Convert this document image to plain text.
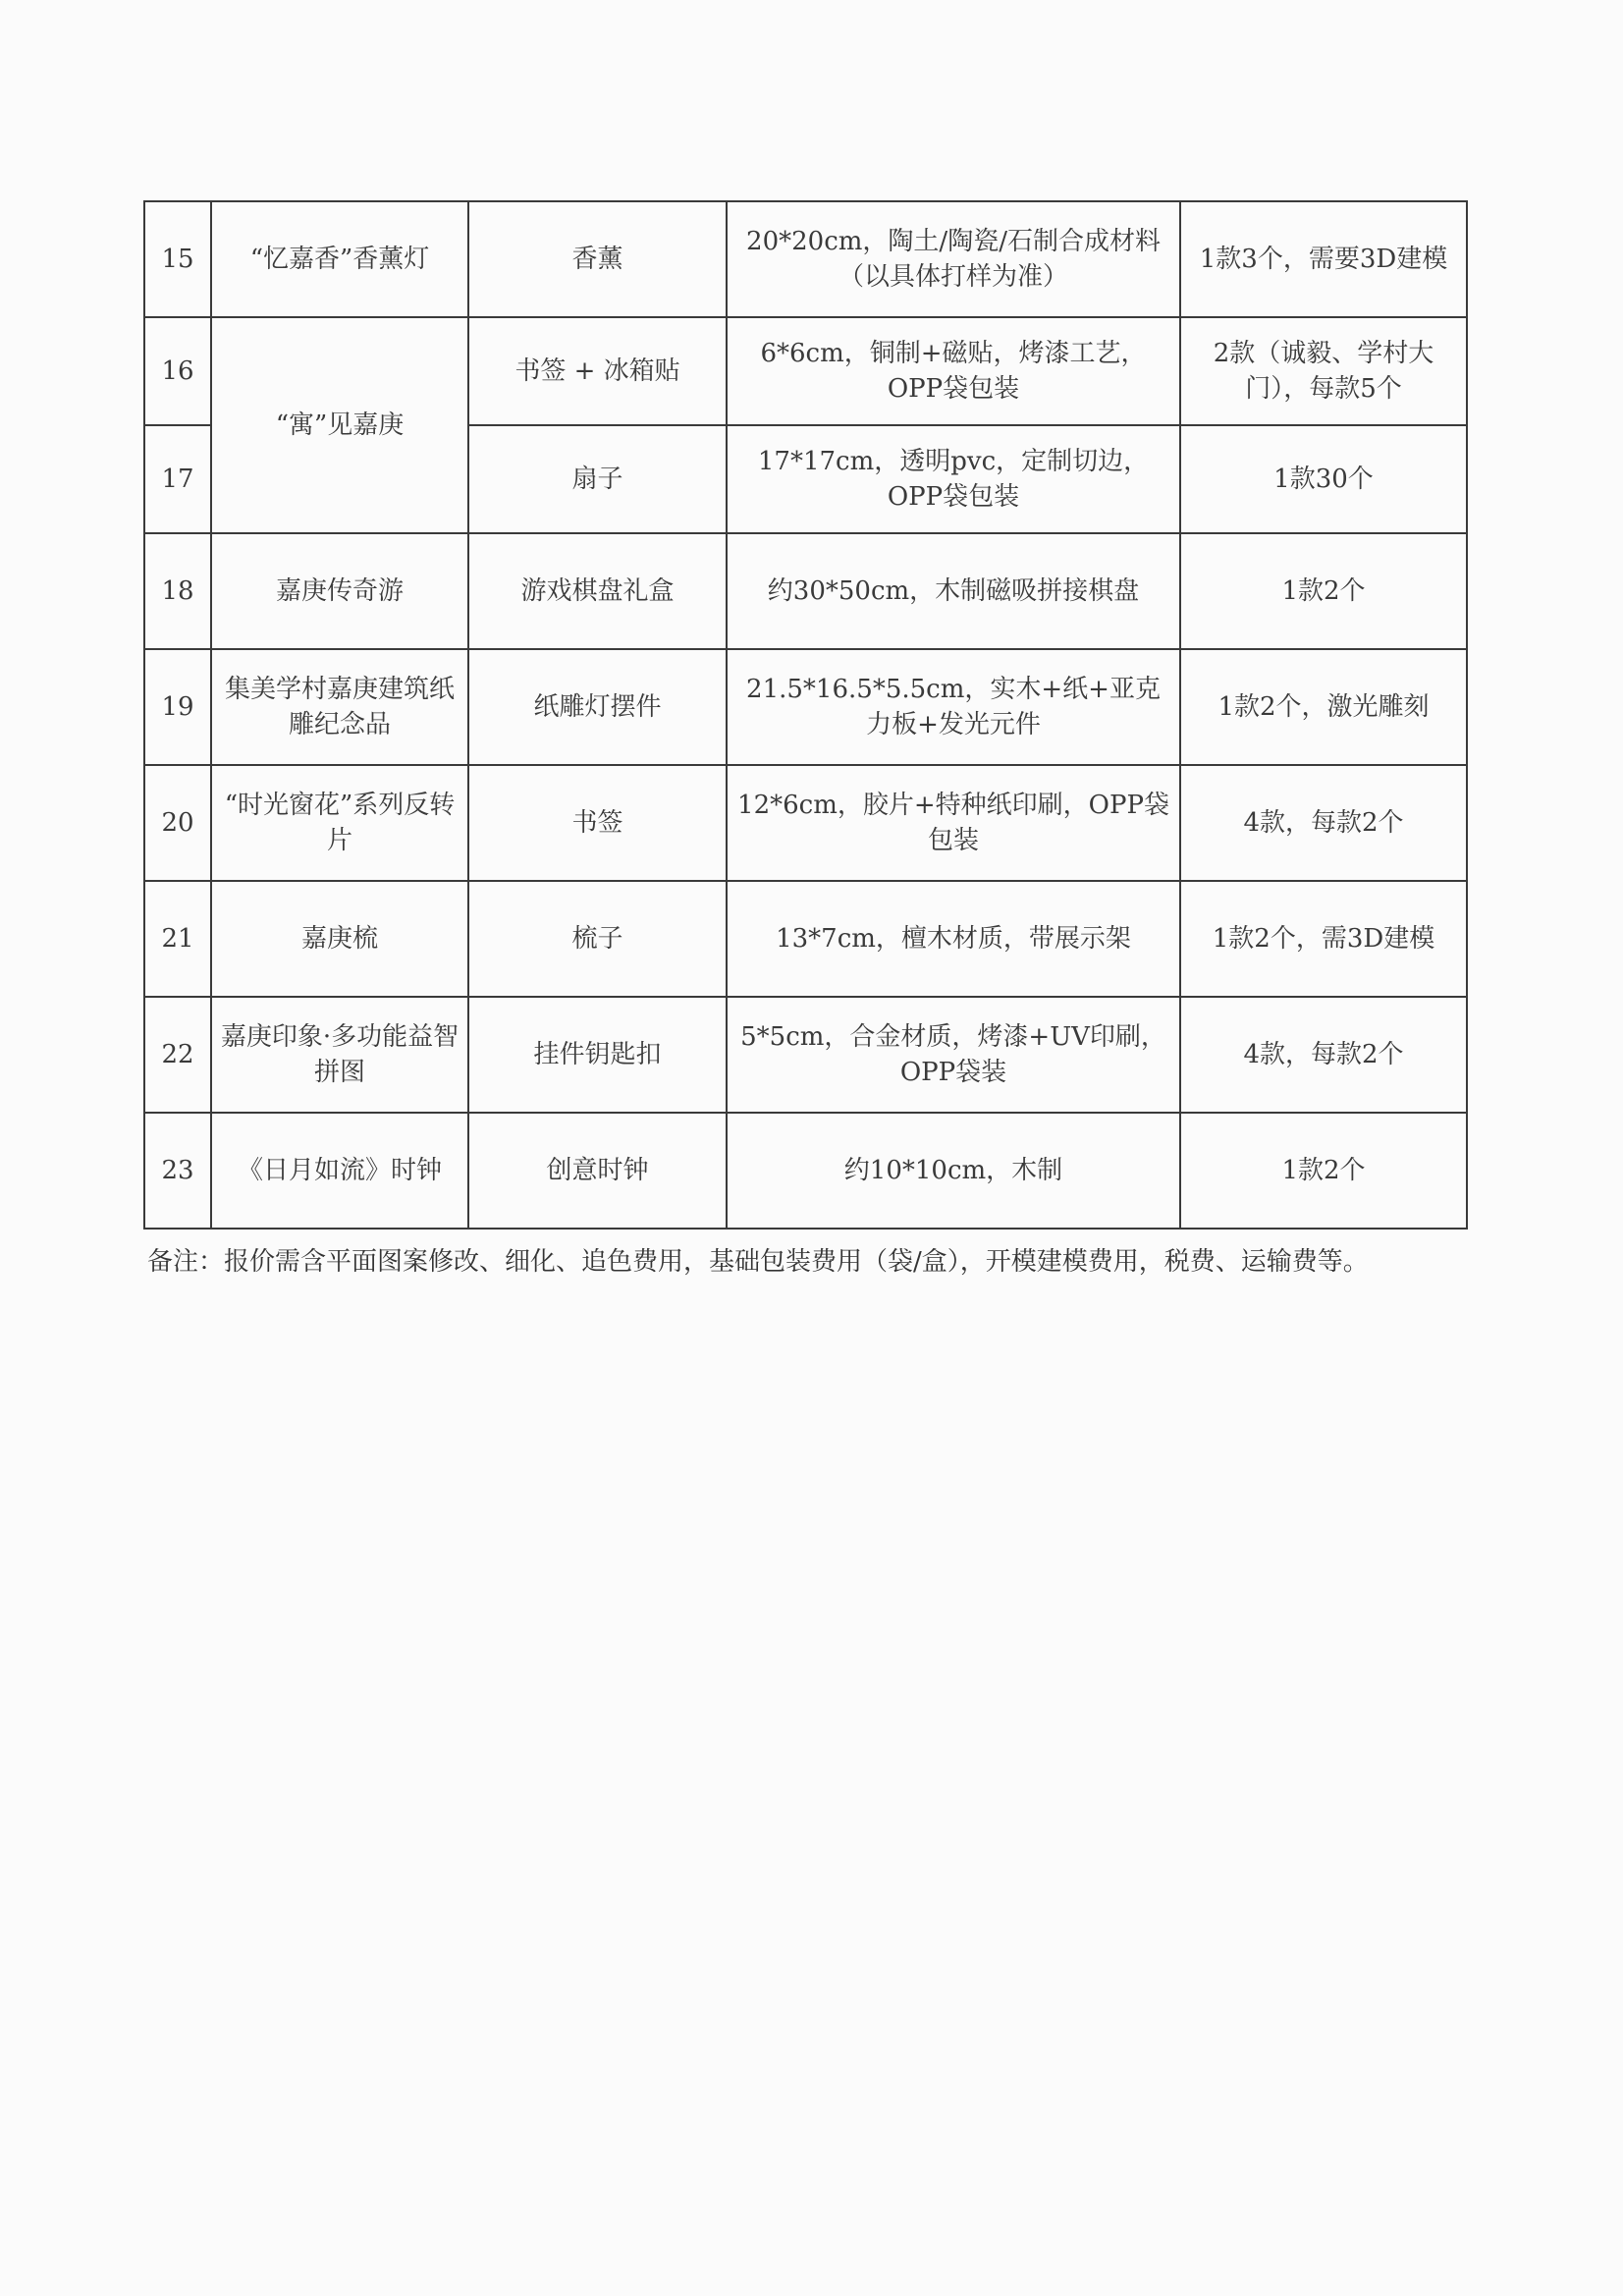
15	“忆嘉香”香薰灯	香薰	20*20cm，陶土/陶瓷/石制合成材料（以具体打样为准）	1款3个，需要3D建模
16	“寓”见嘉庚	书签 + 冰箱贴	6*6cm，铜制+磁贴，烤漆工艺，OPP袋包装	2款（诚毅、学村大门），每款5个
17		扇子	17*17cm，透明pvc，定制切边，OPP袋包装	1款30个
18	嘉庚传奇游	游戏棋盘礼盒	约30*50cm，木制磁吸拼接棋盘	1款2个
19	集美学村嘉庚建筑纸雕纪念品	纸雕灯摆件	21.5*16.5*5.5cm，实木+纸+亚克力板+发光元件	1款2个，激光雕刻
20	“时光窗花”系列反转片	书签	12*6cm，胶片+特种纸印刷，OPP袋包装	4款，每款2个
21	嘉庚梳	梳子	13*7cm，檀木材质，带展示架	1款2个，需3D建模
22	嘉庚印象·多功能益智拼图	挂件钥匙扣	5*5cm，合金材质，烤漆+UV印刷，OPP袋装	4款，每款2个
23	《日月如流》时钟	创意时钟	约10*10cm，木制	1款2个
备注：报价需含平面图案修改、细化、追色费用，基础包装费用（袋/盒），开模建模费用，税费、运输费等。
